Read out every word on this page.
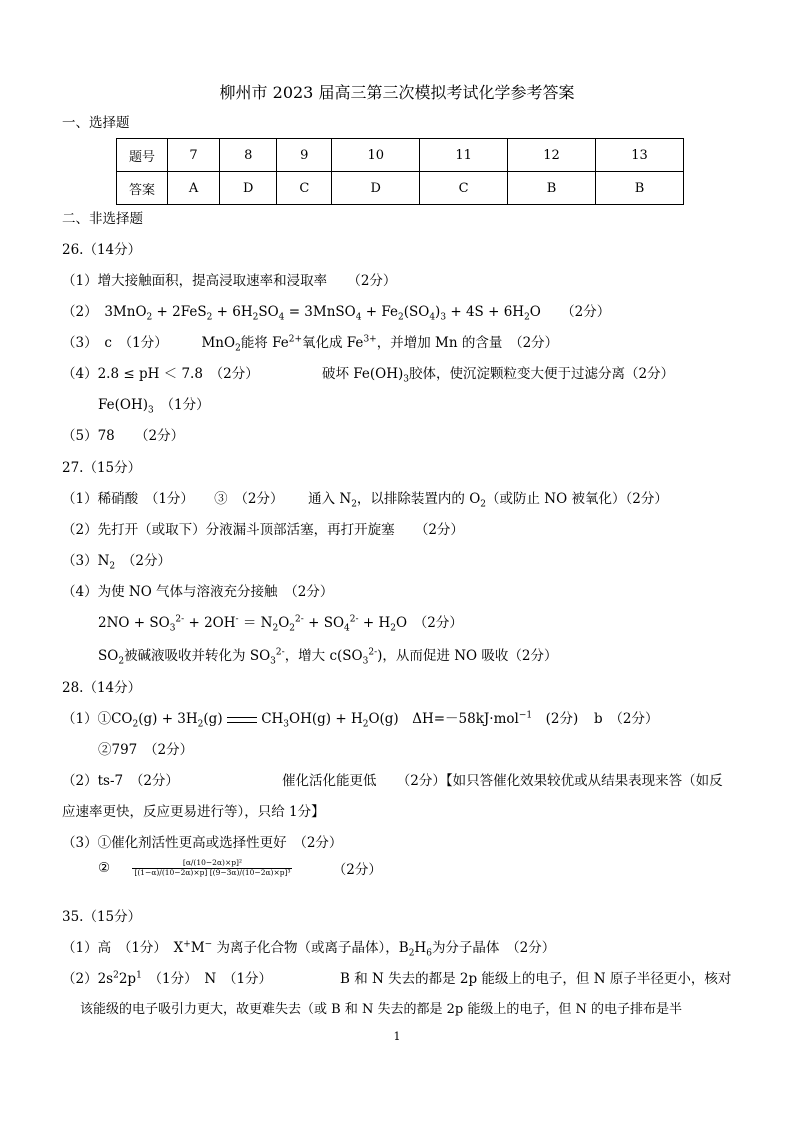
柳州市 2023 届高三第三次模拟考试化学参考答案
一、选择题
题号	7	8	9	10	11	12	13
答案	A	D	C	D	C	B	B
二、非选择题
26.（14分）
（1）增大接触面积，提高浸取速率和浸取率　　（2分）
（2）　$3MnO_2 + 2FeS_2 + 6H_2SO_4$ = 3MnSO$_4$ + $Fe_2(SO_4)_3 + 4S + 6H_2O$　　（2分）
（3）　c　（1分）　　　MnO$_2$能将 $Fe^{2+}$氧化成 $Fe^{3+}$，并增加 Mn 的含量　（2分）
（4）2.8 ≤ pH ＜ 7.8　（2分）	破坏 $Fe(OH)_3$胶体，使沉淀颗粒变大便于过滤分离（2分）
$Fe(OH)_3$　（1分）
（5）78　　（2分）
27.（15分）
（1）稀硝酸　（1分）　　③　（2分）　　 通入 $N_2$，以排除装置内的 $O_2$（或防止 NO 被氧化）（2分）
（2）先打开（或取下）分液漏斗顶部活塞，再打开旋塞　　（2分）
$(3)N_2$　（2分）
（4）为使 NO 气体与溶液充分接触　（2分）
$2NO + SO_3^{2-} + 2OH^- = N_2O_2^{2-} + SO_4^{2-} + H_2O$　（2分）
$SO_2$被碱液吸收并转化为 $SO_3^{2-}$，增大 $c(SO_3^{2-})$，从而促进 NO 吸收（2分）
28.（14分）
$(1)①CO_2(g) + 3H_2(g)$	$CH_3OH(g) + H_2O(g)$　ΔH=－58kJ·mol$^{-1}$　(2分) b　（2分）
②797　（2分）
（2）ts-7　（2分）	催化活化能更低　　（2分）【如只答催化效果较优或从结果表现来答（如反
应速率更快，反应更易进行等），只给 1分】
（3）①催化剂活性更高或选择性更好　（2分）
②	$\frac{\text{[α/(10−2α)×p]²}}{\text{[(1−α)/(10−2α)×p] [(9−3α)/(10−2α)×p]³}}$	（2分）
35.（15分）
（1）高　（1分）　X+M− 为离子化合物（或离子晶体），$B_2H_6$为分子晶体　（2分）
$(2)2s^22p^1$　（1分）　N　（1分）	B 和 N 失去的都是 2p 能级上的电子，但 N 原子半径更小，核对
该能级的电子吸引力更大，故更难失去（或 B 和 N 失去的都是 2p 能级上的电子，但 N 的电子排布是半
1
